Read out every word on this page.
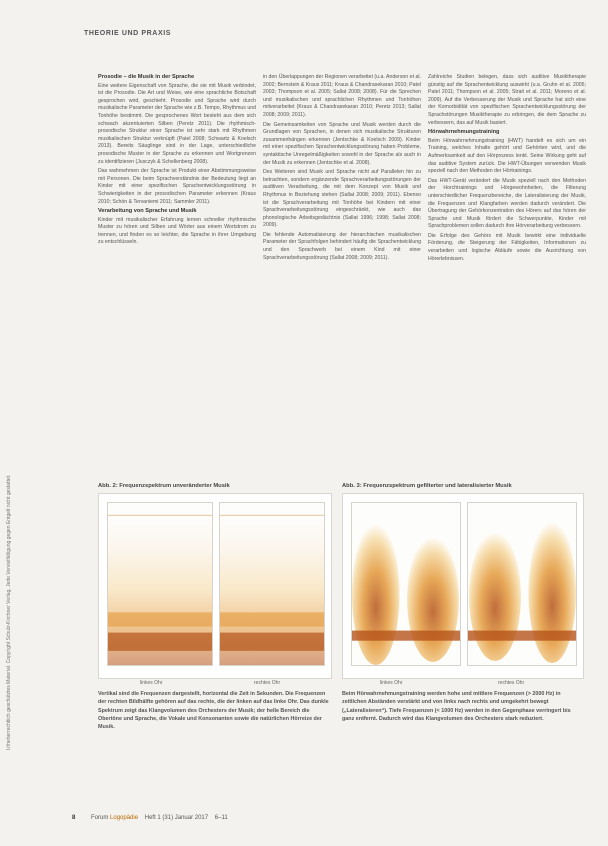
THEORIE UND PRAXIS
Urheberrechtlich geschütztes Material. Copyright Schulz-Kirchner Verlag. Jede Vervielfältigung gegen Entgelt nicht gestattet.
Prosodie – die Musik in der Sprache

Eine weitere Eigenschaft von Sprache, die sie mit Musik verbindet, ist die Prosodie. Die Art und Weise, wie eine sprachliche Botschaft gesprochen wird, geschieht. Prosodie und Sprache wird durch musikalische Parameter der Sprache wie z.B. Tempo, Rhythmus und Tonhöhe bestimmt. Die gesprochenes Wort besteht aus dem sich schwach akzentuierten Silben (Peretz 2011). Die rhythmisch-prosodische Struktur einer Sprache ist sehr stark mit Rhythmen musikalischen Struktur verknüpft (Patel 2008; Schwartz & Koelsch 2013). Bereits Säuglinge sind in der Lage, unterschiedliche prosodische Muster in der Sprache zu erkennen und Wortgrenzen zu identifizieren (Jusczyk & Schellenberg 2008).

Das wahrnehmen der Sprache ist Produkt einer Abstimmungsweise mit Personen. Die beim Sprachverständnis der Bedeutung liegt an Kinder mit einer spezifischen Sprachentwicklungsstörung in Schwierigkeiten in der prosodischen Parameter erkennen (Kraus 2010; Schön & Tervaniemi 2011; Sammler 2011).

Verarbeitung von Sprache und Musik

Kinder mit musikalischer Erfahrung lernen schneller rhythmische Muster zu hören und Silben und Wörter aus einem Wortstrom zu trennen, und finden es so leichter, die Sprache in ihrer Umgebung zu entschlüsseln.

in den Überlappungen der Regionen verarbeitet (u.a. Anderson et al. 2002; Bernstein & Kraus 2011; Kraus & Chandrasekaran 2010; Patel 2003; Thompson et al. 2005; Sallat 2008; 2008). Für die Sprechen und musikalischen und sprachlichen Rhythmen und Tonhöhen mitverarbeitet (Kraus & Chandrasekaran 2010; Peretz 2013; Sallat 2008; 2009; 2011).

Die Gemeinsamkeiten von Sprache und Musik werden durch die Grundlagen von Sprachen, in denen sich musikalische Strukturen zusammenhängen erkennen (Jentschke & Koelsch 2009). Kinder mit einer spezifischen Sprachentwicklungsstörung haben Probleme, syntaktische Unregelmäßigkeiten sowohl in der Sprache als auch in der Musik zu erkennen (Jentschke et al. 2008).

Des Weiteren sind Musik und Sprache nicht auf Parallelen hin zu betrachten, sondern ergänzende Sprachverarbeitungsstörungen der auditiven Verarbeitung, die mit dem Konzept von Musik und Rhythmus in Beziehung stehen (Sallat 2008; 2009; 2011). Ebenso ist die Sprachverarbeitung mit Tonhöhe bei Kindern mit einer Sprachverarbeitungsstörung eingeschränkt, wie auch das phonologische Arbeitsgedächtnis (Sallat 1996; 1998; Sallat 2008; 2009).

Die fehlende Automatisierung der hierarchischen musikalischen Parameter der Sprachfolgen behindert häufig die Sprachentwicklung und den Sprachwerb bei einem Kind mit einer Sprachverarbeitungsstörung (Sallat 2008; 2009; 2011).

Zahlreiche Studien belegen, dass sich auditive Musiktherapie günstig auf die Sprachentwicklung auswirkt (u.a. Gruhn et al. 2005; Patel 2011; Thompson et al. 2005; Strait et al. 2011; Moreno et al. 2009). Auf die Verbesserung der Musik und Sprache hat sich eine der Komorbidität von spezifischen Sprachentwicklungsstörung der Sprachstörungen Musiktherapie zu erbringen, die dem Sprache zu verbessern, das auf Musik basiert.

Hörwahrnehmungstraining

Beim Hörwahrnehmungstraining (HWT) handelt es sich um ein Training, welches Inhalte gehört und Gehörten wird, und die Aufmerksamkeit auf den Hörprozess lenkt. Seine Wirkung geht auf das auditive System zurück. Die HWT-Übungen verwenden Musik speziell nach den Methoden der Hörtrainings.

Das HWT-Gerät verändert die Musik speziell nach den Methoden der Horchtrainings und Hörgewohnheiten, die Filterung unterschiedlicher Frequenzbereiche, die Lateralisierung der Musik, die Frequenzen und Klangfarben werden dadurch verändert. Die Übertragung der Gehörkonzentration des Hörers auf das hören der Sprache und Musik fördert die Schwerpunkte, Kinder mit Sprachproblemen sollen dadurch ihre Hörverarbeitung verbessern.

Die Erfolge des Gehörs mit Musik bewirkt eine individuelle Förderung, die Steigerung der Fähigkeiten, Informationen zu verarbeiten und logische Abläufe sowie die Ausrichtung von Hörerlebnissen.

Abb. 2: Frequenzspektrum unveränderter Musik	Abb. 3: Frequenzspektrum gefilterter und lateralisierter Musik
linkes Ohr	rechtes Ohr	linkes Ohr	rechtes Ohr
Vertikal sind die Frequenzen dargestellt, horizontal die Zeit in Sekunden. Die Frequenzen der rechten Bildhälfte gehören auf das rechte, die der linken auf das linke Ohr. Das dunkle Spektrum zeigt das Klangvolumen des Orchesters der Musik; der helle Bereich die Obertöne und Sprache, die Vokale und Konsonanten sowie die natürlichen Hörreize der Musik.
Beim Hörwahrnehmungstraining werden hohe und mittlere Frequenzen (> 2000 Hz) in zeitlichen Abständen verstärkt und von links nach rechts und umgekehrt bewegt („Lateralisieren“). Tiefe Frequenzen (< 1000 Hz) werden in den Gegenphase verringert bis ganz entfernt. Dadurch wird das Klangvolumen des Orchesters stark reduziert.
8	Forum Logopädie Heft 1 (31) Januar 2017 6–11
